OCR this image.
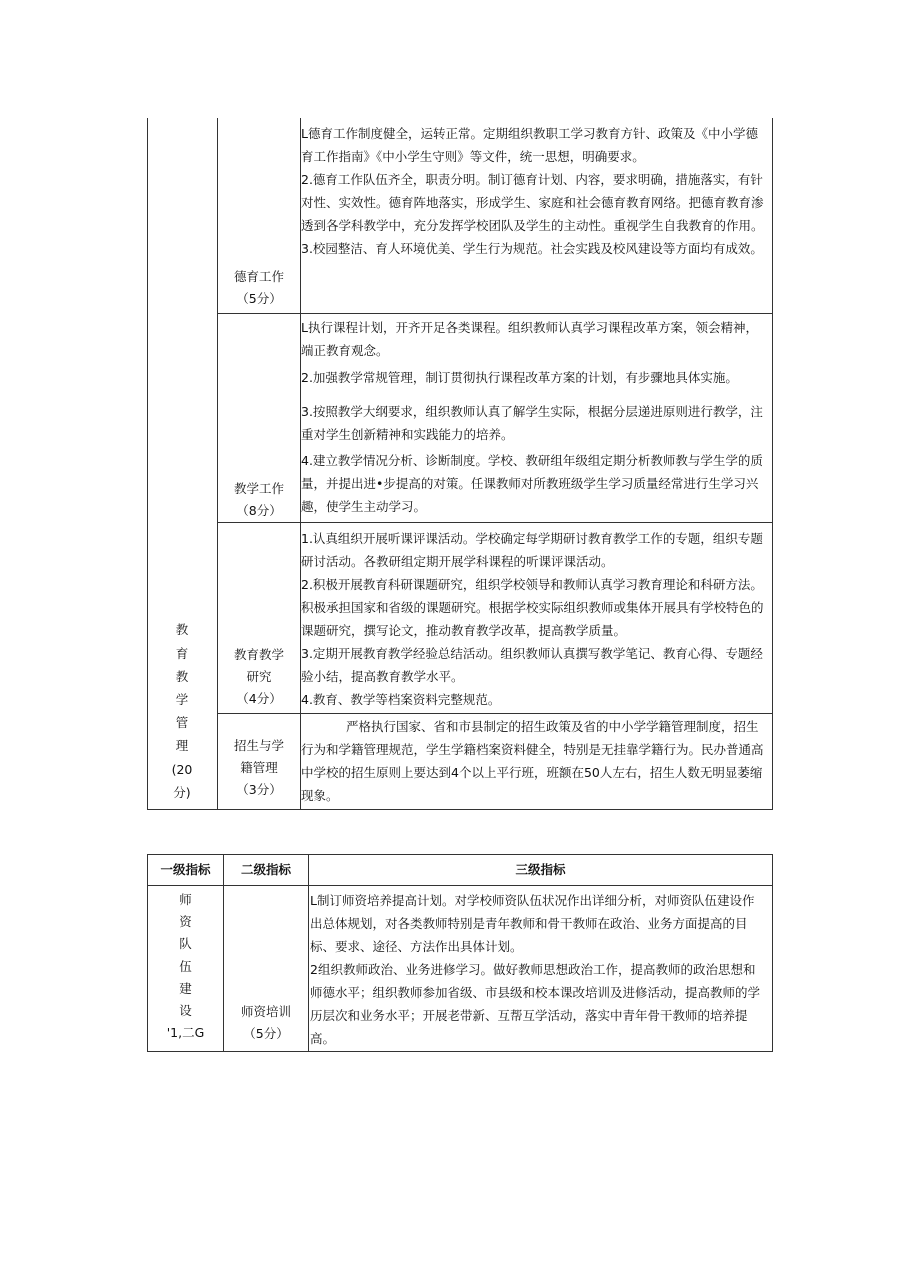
教
育
教
学
管
理
(20
分)
德育工作
（5分）

L德育工作制度健全，运转正常。定期组织教职工学习教育方针、政策及《中小学德育工作指南》《中小学生守则》等文件，统一思想，明确要求。

2.德育工作队伍齐全，职责分明。制订德育计划、内容，要求明确，措施落实，有针对性、实效性。德育阵地落实，形成学生、家庭和社会德育教育网络。把德育教育渗透到各学科教学中，充分发挥学校团队及学生的主动性。重视学生自我教育的作用。

3.校园整洁、育人环境优美、学生行为规范。社会实践及校风建设等方面均有成效。

教学工作
（8分）

L执行课程计划，开齐开足各类课程。组织教师认真学习课程改革方案，领会精神，端正教育观念。

2.加强教学常规管理，制订贯彻执行课程改革方案的计划，有步骤地具体实施。

3.按照教学大纲要求，组织教师认真了解学生实际，根据分层递进原则进行教学，注重对学生创新精神和实践能力的培养。

4.建立教学情况分析、诊断制度。学校、教研组年级组定期分析教师教与学生学的质量，并提出进•步提高的对策。任课教师对所教班级学生学习质量经常进行生学习兴趣，使学生主动学习。

教育教学研究
（4分）

1.认真组织开展听课评课活动。学校确定每学期研讨教育教学工作的专题，组织专题研讨活动。各教研组定期开展学科课程的听课评课活动。

2.积极开展教育科研课题研究，组织学校领导和教师认真学习教育理论和科研方法。积极承担国家和省级的课题研究。根据学校实际组织教师或集体开展具有学校特色的课题研究，撰写论文，推动教育教学改革，提高教学质量。

3.定期开展教育教学经验总结活动。组织教师认真撰写教学笔记、教育心得、专题经验小结，提高教育教学水平。

4.教育、教学等档案资料完整规范。

招生与学籍管理
（3分）

严格执行国家、省和市县制定的招生政策及省的中小学学籍管理制度，招生行为和学籍管理规范，学生学籍档案资料健全，特别是无挂靠学籍行为。民办普通高中学校的招生原则上要达到4个以上平行班，班额在50人左右，招生人数无明显萎缩现象。

一级指标	二级指标	三级指标
师
资
队
伍
建
设
'1,二G
师资培训
（5分）

L制订师资培养提高计划。对学校师资队伍状况作出详细分析，对师资队伍建设作出总体规划，对各类教师特别是青年教师和骨干教师在政治、业务方面提高的目标、要求、途径、方法作出具体计划。

2组织教师政治、业务进修学习。做好教师思想政治工作，提高教师的政治思想和师德水平；组织教师参加省级、市县级和校本课改培训及进修活动，提高教师的学历层次和业务水平；开展老带新、互帮互学活动，落实中青年骨干教师的培养提高。
